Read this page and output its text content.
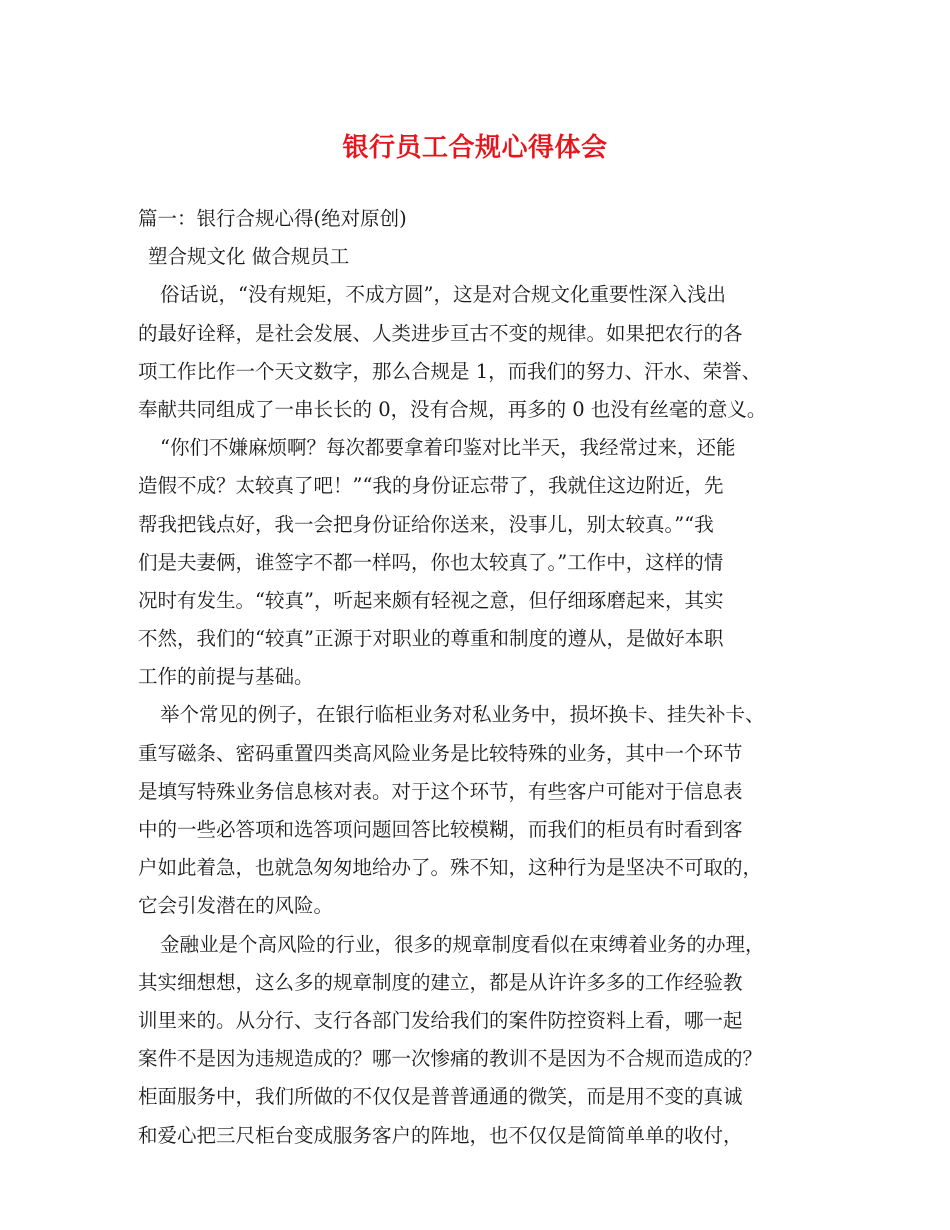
银行员工合规心得体会
篇一：银行合规心得(绝对原创)
塑合规文化 做合规员工
俗话说，“没有规矩，不成方圆”，这是对合规文化重要性深入浅出
的最好诠释，是社会发展、人类进步亘古不变的规律。如果把农行的各
项工作比作一个天文数字，那么合规是 1，而我们的努力、汗水、荣誉、
奉献共同组成了一串长长的 0，没有合规，再多的 0 也没有丝毫的意义。
“你们不嫌麻烦啊？每次都要拿着印鉴对比半天，我经常过来，还能
造假不成？太较真了吧！”“我的身份证忘带了，我就住这边附近，先
帮我把钱点好，我一会把身份证给你送来，没事儿，别太较真。”“我
们是夫妻俩，谁签字不都一样吗，你也太较真了。”工作中，这样的情
况时有发生。“较真”，听起来颇有轻视之意，但仔细琢磨起来，其实
不然，我们的“较真”正源于对职业的尊重和制度的遵从，是做好本职
工作的前提与基础。
举个常见的例子，在银行临柜业务对私业务中，损坏换卡、挂失补卡、
重写磁条、密码重置四类高风险业务是比较特殊的业务，其中一个环节
是填写特殊业务信息核对表。对于这个环节，有些客户可能对于信息表
中的一些必答项和选答项问题回答比较模糊，而我们的柜员有时看到客
户如此着急，也就急匆匆地给办了。殊不知，这种行为是坚决不可取的，
它会引发潜在的风险。
金融业是个高风险的行业，很多的规章制度看似在束缚着业务的办理，
其实细想想，这么多的规章制度的建立，都是从许许多多的工作经验教
训里来的。从分行、支行各部门发给我们的案件防控资料上看，哪一起
案件不是因为违规造成的？哪一次惨痛的教训不是因为不合规而造成的？
柜面服务中，我们所做的不仅仅是普普通通的微笑，而是用不变的真诚
和爱心把三尺柜台变成服务客户的阵地，也不仅仅是简简单单的收付，
